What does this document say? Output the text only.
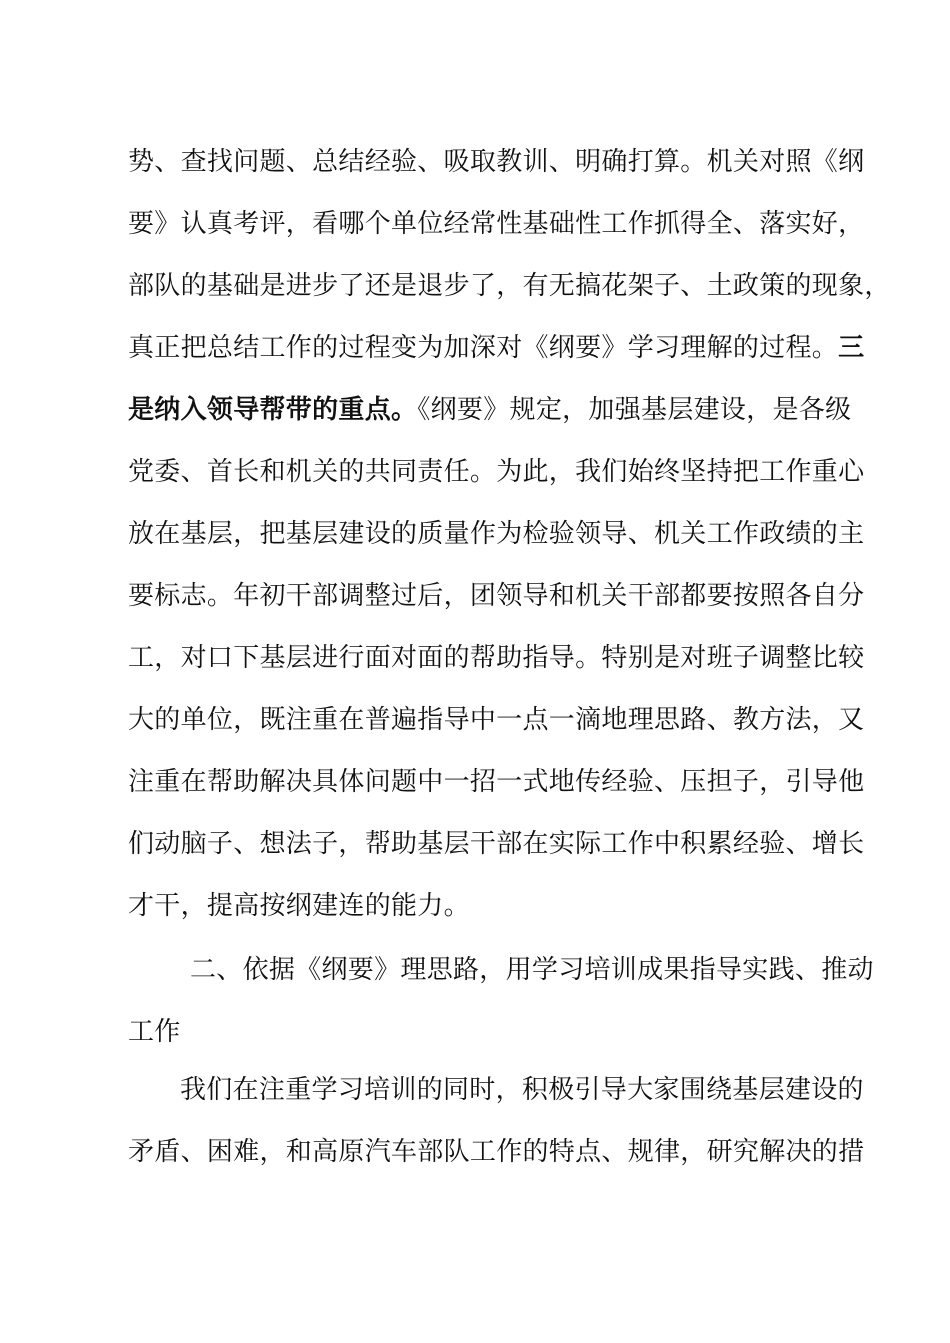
势、查找问题、总结经验、吸取教训、明确打算。机关对照《纲
要》认真考评，看哪个单位经常性基础性工作抓得全、落实好，
部队的基础是进步了还是退步了，有无搞花架子、土政策的现象，
真正把总结工作的过程变为加深对《纲要》学习理解的过程。三
是纳入领导帮带的重点。《纲要》规定，加强基层建设，是各级
党委、首长和机关的共同责任。为此，我们始终坚持把工作重心
放在基层，把基层建设的质量作为检验领导、机关工作政绩的主
要标志。年初干部调整过后，团领导和机关干部都要按照各自分
工，对口下基层进行面对面的帮助指导。特别是对班子调整比较
大的单位，既注重在普遍指导中一点一滴地理思路、教方法，又
注重在帮助解决具体问题中一招一式地传经验、压担子，引导他
们动脑子、想法子，帮助基层干部在实际工作中积累经验、增长
才干，提高按纲建连的能力。
二、依据《纲要》理思路，用学习培训成果指导实践、推动
工作
我们在注重学习培训的同时，积极引导大家围绕基层建设的
矛盾、困难，和高原汽车部队工作的特点、规律，研究解决的措
